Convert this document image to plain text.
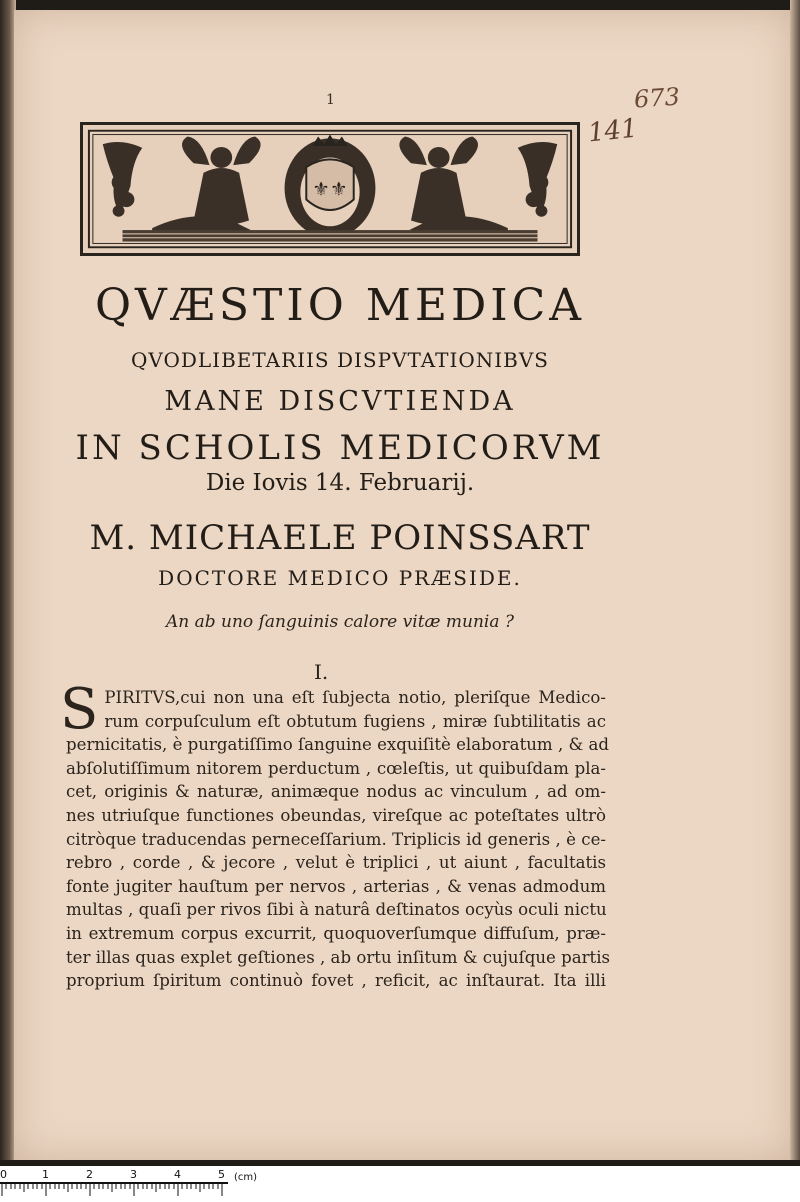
1	673
141
⚜⚜
QVÆSTIO MEDICA
QVODLIBETARIIS DISPVTATIONIBVS
MANE DISCVTIENDA
IN SCHOLIS MEDICORVM
Die Iovis 14. Februarij.
M. MICHAELE POINSSART
DOCTORE MEDICO PRÆSIDE.
An ab uno ſanguinis calore vitæ munia ?
I.
S PIRITVS,cui non una eſt ſubjecta notio, pleriſque Medico-
rum corpuſculum eſt obtutum fugiens , miræ ſubtilitatis ac
pernicitatis, è purgatiſſimo ſanguine exquiſitè elaboratum , & ad
abſolutiſſimum nitorem perductum , cœleſtis, ut quibuſdam pla-
cet, originis & naturæ, animæque nodus ac vinculum , ad om-
nes utriuſque functiones obeundas, vireſque ac poteſtates ultrò
citròque traducendas perneceſſarium. Triplicis id generis , è ce-
rebro , corde , & jecore , velut è triplici , ut aiunt , facultatis
fonte jugiter hauſtum per nervos , arterias , & venas admodum
multas , quaſi per rivos ſibi à naturâ deſtinatos ocyùs oculi nictu
in extremum corpus excurrit, quoquoverſumque diffuſum, præ-
ter illas quas explet geſtiones , ab ortu inſitum & cujuſque partis
proprium ſpiritum continuò fovet , reficit, ac inſtaurat. Ita illi
0	1	2	3	4	5 (cm)
